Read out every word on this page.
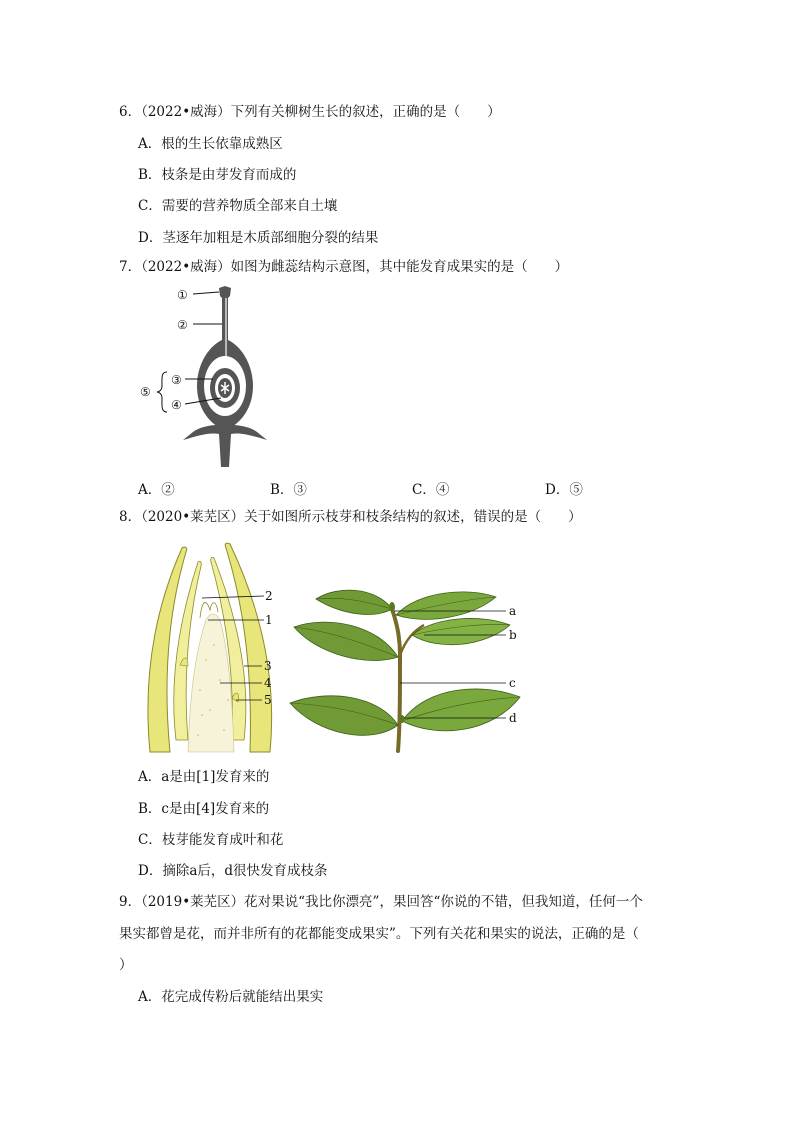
6．（2022•威海）下列有关柳树生长的叙述，正确的是（　　）
A．根的生长依靠成熟区
B．枝条是由芽发育而成的
C．需要的营养物质全部来自土壤
D．茎逐年加粗是木质部细胞分裂的结果
7．（2022•威海）如图为雌蕊结构示意图，其中能发育成果实的是（　　）
①
②
③
④
⑤
A．②	B．③	C．④	D．⑤
8．（2020•莱芜区）关于如图所示枝芽和枝条结构的叙述，错误的是（　　）
2
1
3
4
5
a
b
c
d
A．a是由[1]发育来的
B．c是由[4]发育来的
C．枝芽能发育成叶和花
D．摘除a后，d很快发育成枝条
9．（2019•莱芜区）花对果说“我比你漂亮”，果回答“你说的不错，但我知道，任何一个
果实都曾是花，而并非所有的花都能变成果实”。下列有关花和果实的说法，正确的是（
）
A．花完成传粉后就能结出果实
